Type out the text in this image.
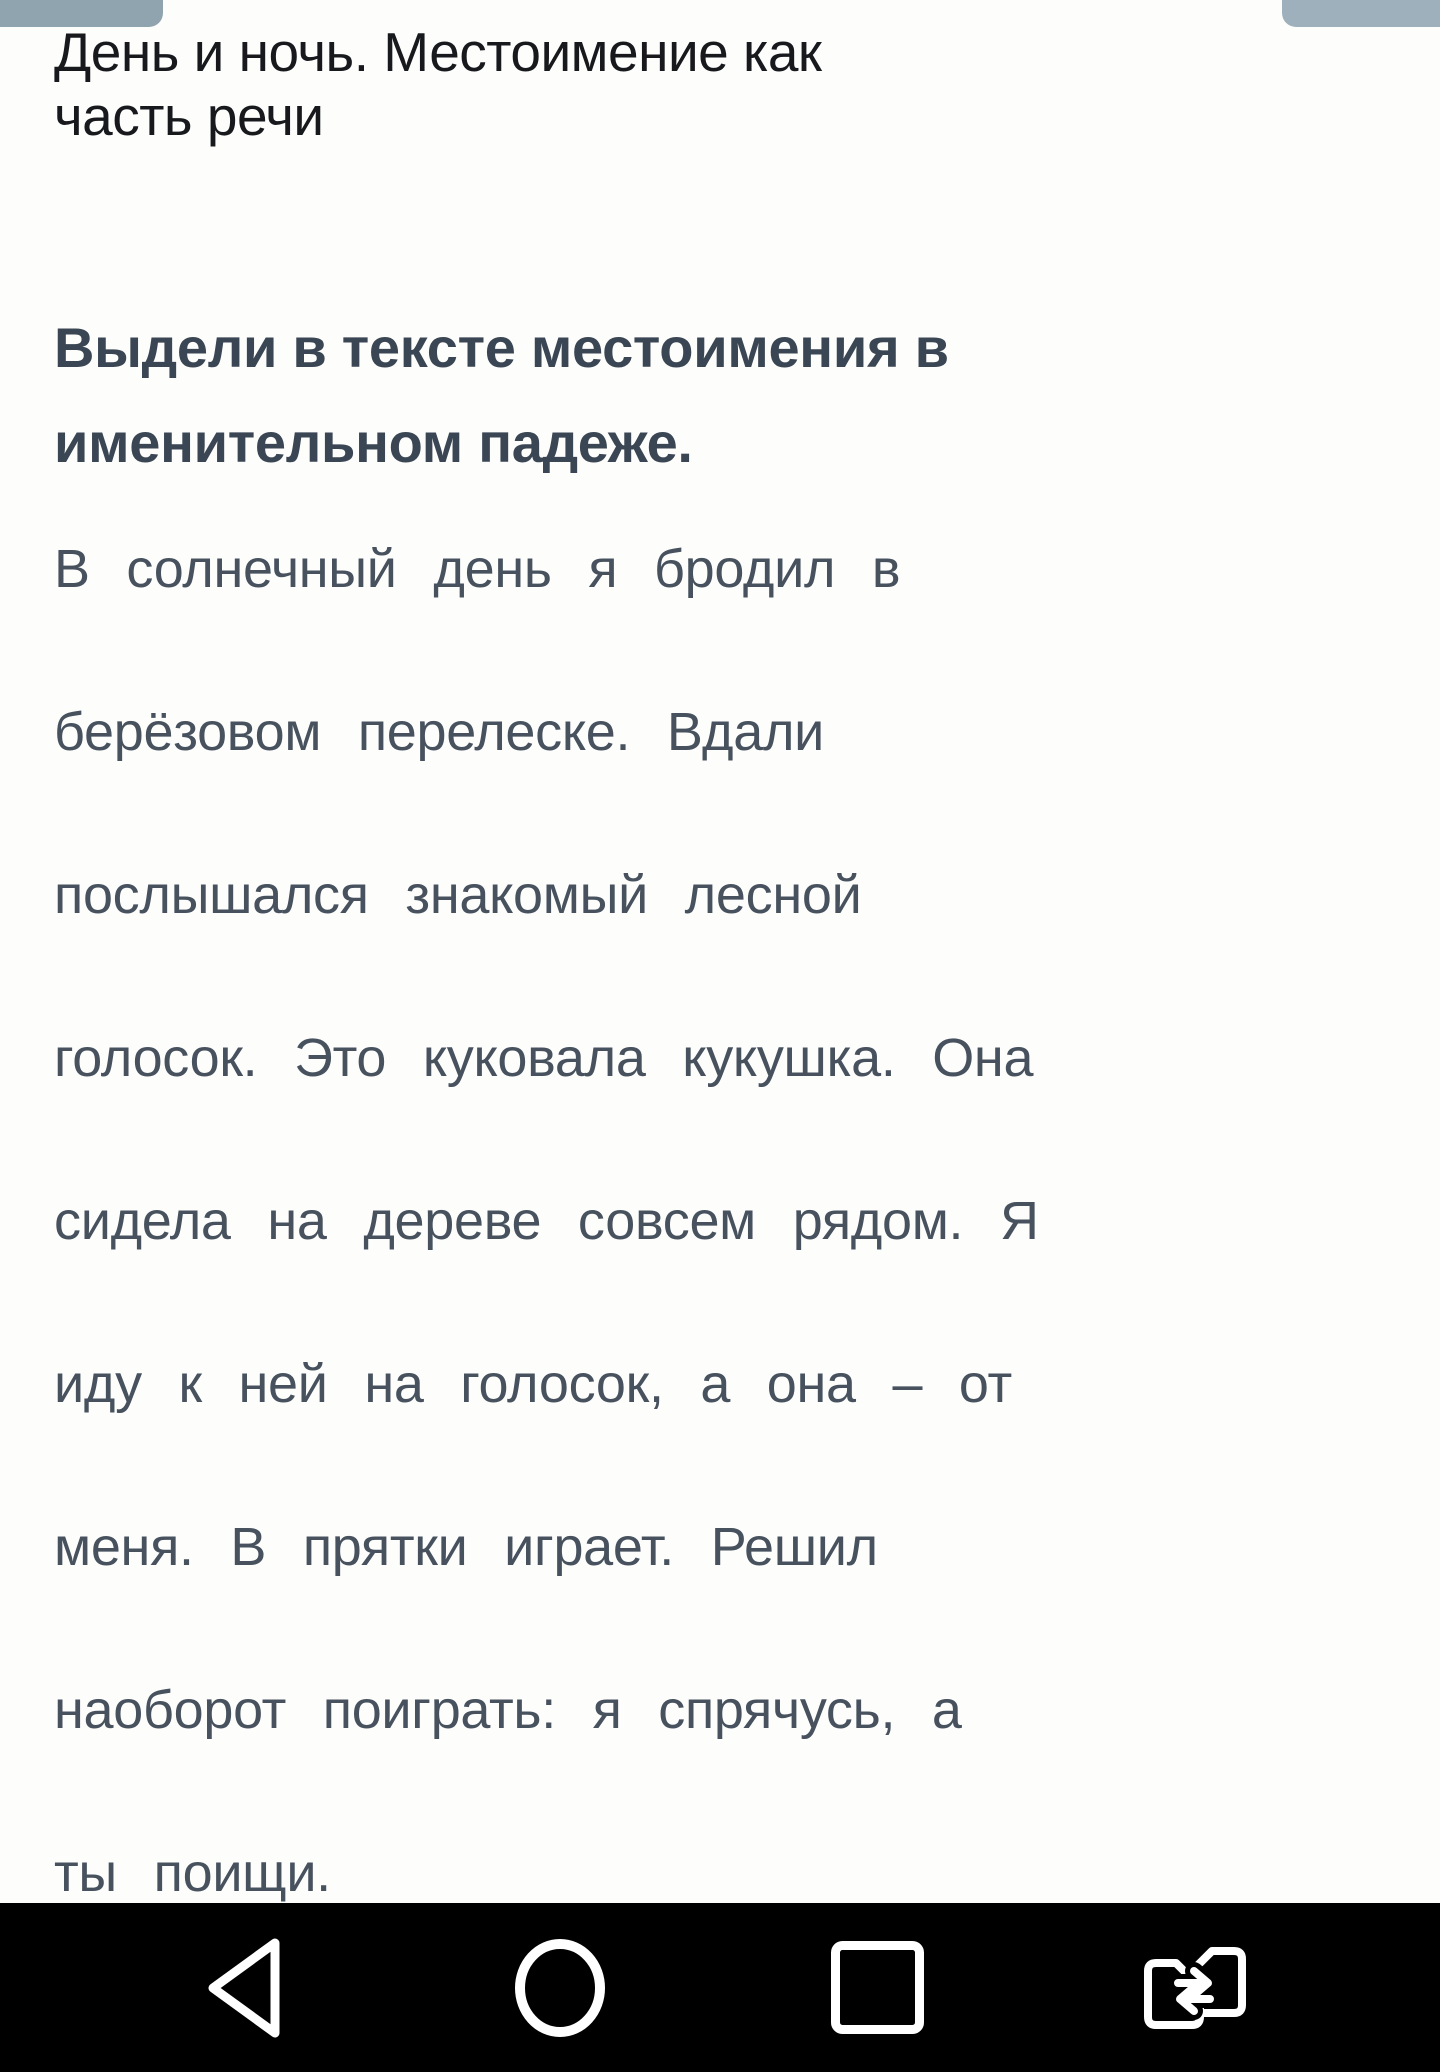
День и ночь. Местоимение как
часть речи
Выдели в тексте местоимения в
именительном падеже.
В солнечный день я бродил в
берёзовом перелеске. Вдали
послышался знакомый лесной
голосок. Это куковала кукушка. Она
сидела на дереве совсем рядом. Я
иду к ней на голосок, а она – от
меня. В прятки играет. Решил
наоборот поиграть: я спрячусь, а
ты поищи.
